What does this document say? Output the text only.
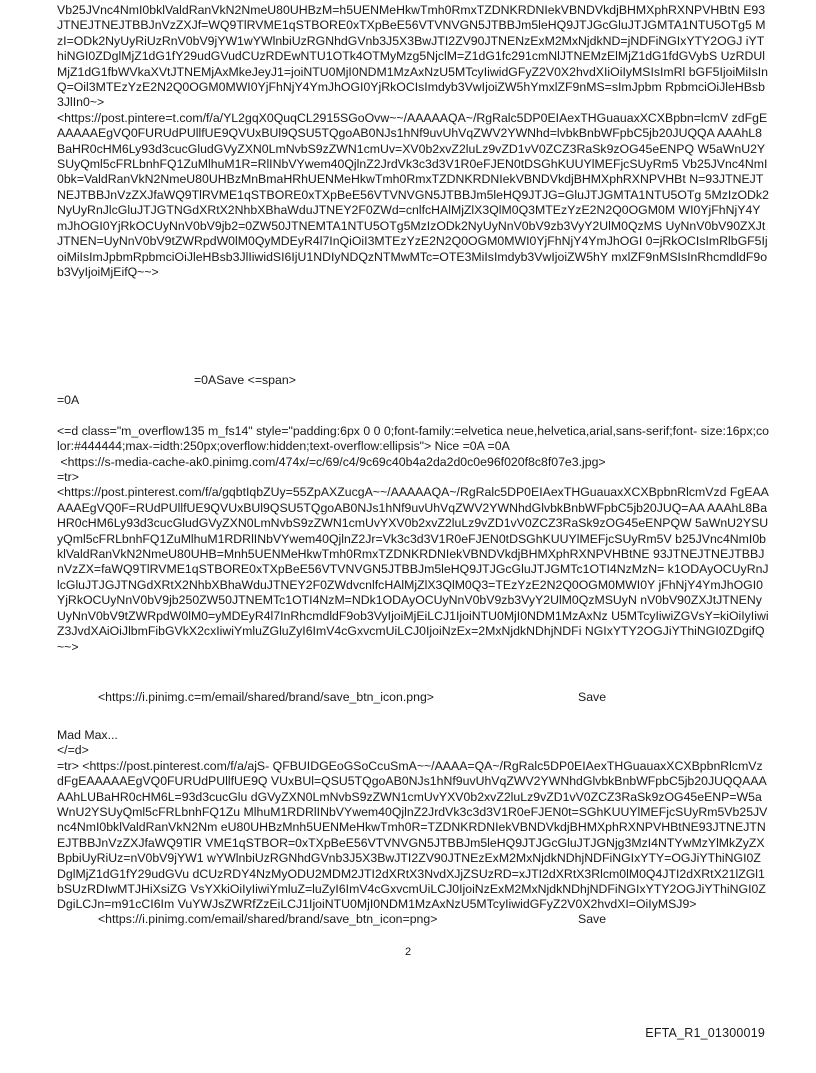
Vb25JVnc4NmI0bklValdRanVkN2NmeU80UHBzM=h5UENMeHkwTmh0RmxTZDNKRDNIekVBNDVkdjBHMXphRXNPVHBtN E93JTNEJTNEJTBBJnVzZXJf=WQ9TlRVME1qSTBORE0xTXpBeE56VTVNVGN5JTBBJm5leHQ9JTJGcGluJTJGMTA1NTU5OTg5 MzI=ODk2NyUyRiUzRnV0bV9jYW1wYWlnbiUzRGNhdGVnb3J5X3BwJTI2ZV90JTNENzExM2MxNjdkND=jNDFiNGIxYTY2OGJ iYThiNGI0ZDglMjZ1dG1fY29udGVudCUzRDEwNTU1OTk4OTMyMzg5NjclM=Z1dG1fc291cmNlJTNEMzElMjZ1dG1fdGVybS UzRDUlMjZ1dG1fbWVkaXVtJTNEMjAxMkeJeyJ1=joiNTU0MjI0NDM1MzAxNzU5MTcyIiwidGFyZ2V0X2hvdXIiOiIyMSIsImRl bGF5IjoiMiIsInQ=Oil3MTEzYzE2N2Q0OGM0MWI0YjFhNjY4YmJhOGI0YjRkOCIsImdyb3VwIjoiZW5hYmxlZF9nMS=sImJpbm RpbmciOiJleHBsb3JlIn0~>
<https://post.pintere=t.com/f/a/YL2gqX0QuqCL2915SGoOvw~~/AAAAAQA~/RgRalc5DP0EIAexTHGuauaxXCXBpbn=lcmV zdFgEAAAAAEgVQ0FURUdPUllfUE9QVUxBUl9QSU5TQgoAB0NJs1hNf9uvUhVqZWV2YWNhd=lvbkBnbWFpbC5jb20JUQQA AAAhL8BaHR0cHM6Ly93d3cucGludGVyZXN0LmNvbS9zZWN1cmUv=XV0b2xvZ2luLz9vZD1vV0ZCZ3RaSk9zOG45eENPQ W5aWnU2YSUyQml5cFRLbnhFQ1ZuMlhuM1R=RlINbVYwem40QjlnZ2JrdVk3c3d3V1R0eFJEN0tDSGhKUUYlMEFjcSUyRm5 Vb25JVnc4NmI0bk=ValdRanVkN2NmeU80UHBzMnBmaHRhUENMeHkwTmh0RmxTZDNKRDNIekVBNDVkdjBHMXphRXNPVHBt N=93JTNEJTNEJTBBJnVzZXJfaWQ9TlRVME1qSTBORE0xTXpBeE56VTVNVGN5JTBBJm5leHQ9JTJG=GluJTJGMTA1NTU5OTg 5MzIzODk2NyUyRnJlcGluJTJGTNGdXRtX2NhbXBhaWduJTNEY2F0ZWd=cnlfcHAlMjZlX3QlM0Q3MTEzYzE2N2Q0OGM0M WI0YjFhNjY4YmJhOGI0YjRkOCUyNnV0bV9jb2=0ZW50JTNEMTA1NTU5OTg5MzIzODk2NyUyNnV0bV9zb3VyY2UlM0QzMS UyNnV0bV90ZXJtJTNEN=UyNnV0bV9tZWRpdW0lM0QyMDEyR4l7InQiOiI3MTEzYzE2N2Q0OGM0MWI0YjFhNjY4YmJhOGI 0=jRkOCIsImRlbGF5IjoiMiIsImJpbmRpbmciOiJleHBsb3JlIiwidSI6IjU1NDIyNDQzNTMwMTc=OTE3MiIsImdyb3VwIjoiZW5hY mxlZF9nMSIsInRhcmdldF9ob3VyIjoiMjEifQ~~>
=0ASave <=span>
=0A

<=d class="m_overflow135 m_fs14" style="padding:6px 0 0 0;font-family:=elvetica neue,helvetica,arial,sans-serif;font- size:16px;color:#444444;max-=idth:250px;overflow:hidden;text-overflow:ellipsis"> Nice =0A =0A
<https://s-media-cache-ak0.pinimg.com/474x/=c/69/c4/9c69c40b4a2da2d0c0e96f020f8c8f07e3.jpg>
=tr>
<https://post.pinterest.com/f/a/gqbtIqbZUy=55ZpAXZucgA~~/AAAAAQA~/RgRalc5DP0EIAexTHGuauaxXCXBpbnRlcmVzd FgEAAAAAEgVQ0F=RUdPUllfUE9QVUxBUl9QSU5TQgoAB0NJs1hNf9uvUhVqZWV2YWNhdGlvbkBnbWFpbC5jb20JUQ=AA AAAhL8BaHR0cHM6Ly93d3cucGludGVyZXN0LmNvbS9zZWN1cmUvYXV0b2xvZ2luLz9vZD1vV0ZCZ3RaSk9zOG45eENPQW 5aWnU2YSUyQml5cFRLbnhFQ1ZuMlhuM1RDRlINbVYwem40QjlnZ2Jr=Vk3c3d3V1R0eFJEN0tDSGhKUUYlMEFjcSUyRm5V b25JVnc4NmI0bklValdRanVkN2NmeU80UHB=Mnh5UENMeHkwTmh0RmxTZDNKRDNIekVBNDVkdjBHMXphRXNPVHBtNE 93JTNEJTNEJTBBJnVzZX=faWQ9TlRVME1qSTBORE0xTXpBeE56VTVNVGN5JTBBJm5leHQ9JTJGcGluJTJGMTc1OTI4NzMzN= k1ODAyOCUyRnJlcGluJTJGJTNGdXRtX2NhbXBhaWduJTNEY2F0ZWdvcnlfcHAlMjZlX3QlM0Q3=TEzYzE2N2Q0OGM0MWI0Y jFhNjY4YmJhOGI0YjRkOCUyNnV0bV9jb250ZW50JTNEMTc1OTI4NzM=NDk1ODAyOCUyNnV0bV9zb3VyY2UlM0QzMSUyN nV0bV90ZXJtJTNENyUyNnV0bV9tZWRpdW0lM0=yMDEyR4l7InRhcmdldF9ob3VyIjoiMjEiLCJ1IjoiNTU0MjI0NDM1MzAxNz U5MTcyIiwiZGVsY=kiOiIyIiwiZ3JvdXAiOiJlbmFibGVkX2cxIiwiYmluZGluZyI6ImV4cGxvcmUiLCJ0IjoiNzEx=2MxNjdkNDhjNDFi NGIxYTY2OGJiYThiNGI0ZDgifQ~~>
<https://i.pinimg.c=m/email/shared/brand/save_btn_icon.png>	Save
Mad Max...
</=d>
=tr> <https://post.pinterest.com/f/a/ajS- QFBUIDGEoGSoCcuSmA~~/AAAA=QA~/RgRalc5DP0EIAexTHGuauaxXCXBpbnRlcmVzdFgEAAAAAEgVQ0FURUdPUllfUE9Q VUxBUl=QSU5TQgoAB0NJs1hNf9uvUhVqZWV2YWNhdGlvbkBnbWFpbC5jb20JUQQAAAAAhLUBaHR0cHM6L=93d3cucGlu dGVyZXN0LmNvbS9zZWN1cmUvYXV0b2xvZ2luLz9vZD1vV0ZCZ3RaSk9zOG45eENP=W5aWnU2YSUyQml5cFRLbnhFQ1Zu MlhuM1RDRlINbVYwem40QjlnZ2JrdVk3c3d3V1R0eFJEN0t=SGhKUUYlMEFjcSUyRm5Vb25JVnc4NmI0bklValdRanVkN2Nm eU80UHBzMnh5UENMeHkwTmh0R=TZDNKRDNIekVBNDVkdjBHMXphRXNPVHBtNE93JTNEJTNEJTBBJnVzZXJfaWQ9TlR VME1qSTBOR=0xTXpBeE56VTVNVGN5JTBBJm5leHQ9JTJGcGluJTJGNjg3MzI4NTYwMzYlMkZyZXBpbiUyRiUz=nV0bV9jYW1 wYWlnbiUzRGNhdGVnb3J5X3BwJTI2ZV90JTNEzExM2MxNjdkNDhjNDFiNGIxYTY=OGJiYThiNGI0ZDglMjZ1dG1fY29udGVu dCUzRDY4NzMyODU2MDM2JTI2dXRtX3NvdXJjZSUzRD=xJTI2dXRtX3Rlcm0lM0Q4JTI2dXRtX21lZGl1bSUzRDIwMTJHiXsiZG VsYXkiOiIyIiwiYmluZ=luZyI6ImV4cGxvcmUiLCJ0IjoiNzExM2MxNjdkNDhjNDFiNGIxYTY2OGJiYThiNGI0ZDgiLCJn=m91cCI6Im VuYWJsZWRfZzEiLCJ1IjoiNTU0MjI0NDM1MzAxNzU5MTcyIiwidGFyZ2V0X2hvdXI=OiIyMSJ9>
<https://i.pinimg.com/email/shared/brand/save_btn_icon=png>	Save
2
EFTA_R1_01300019
